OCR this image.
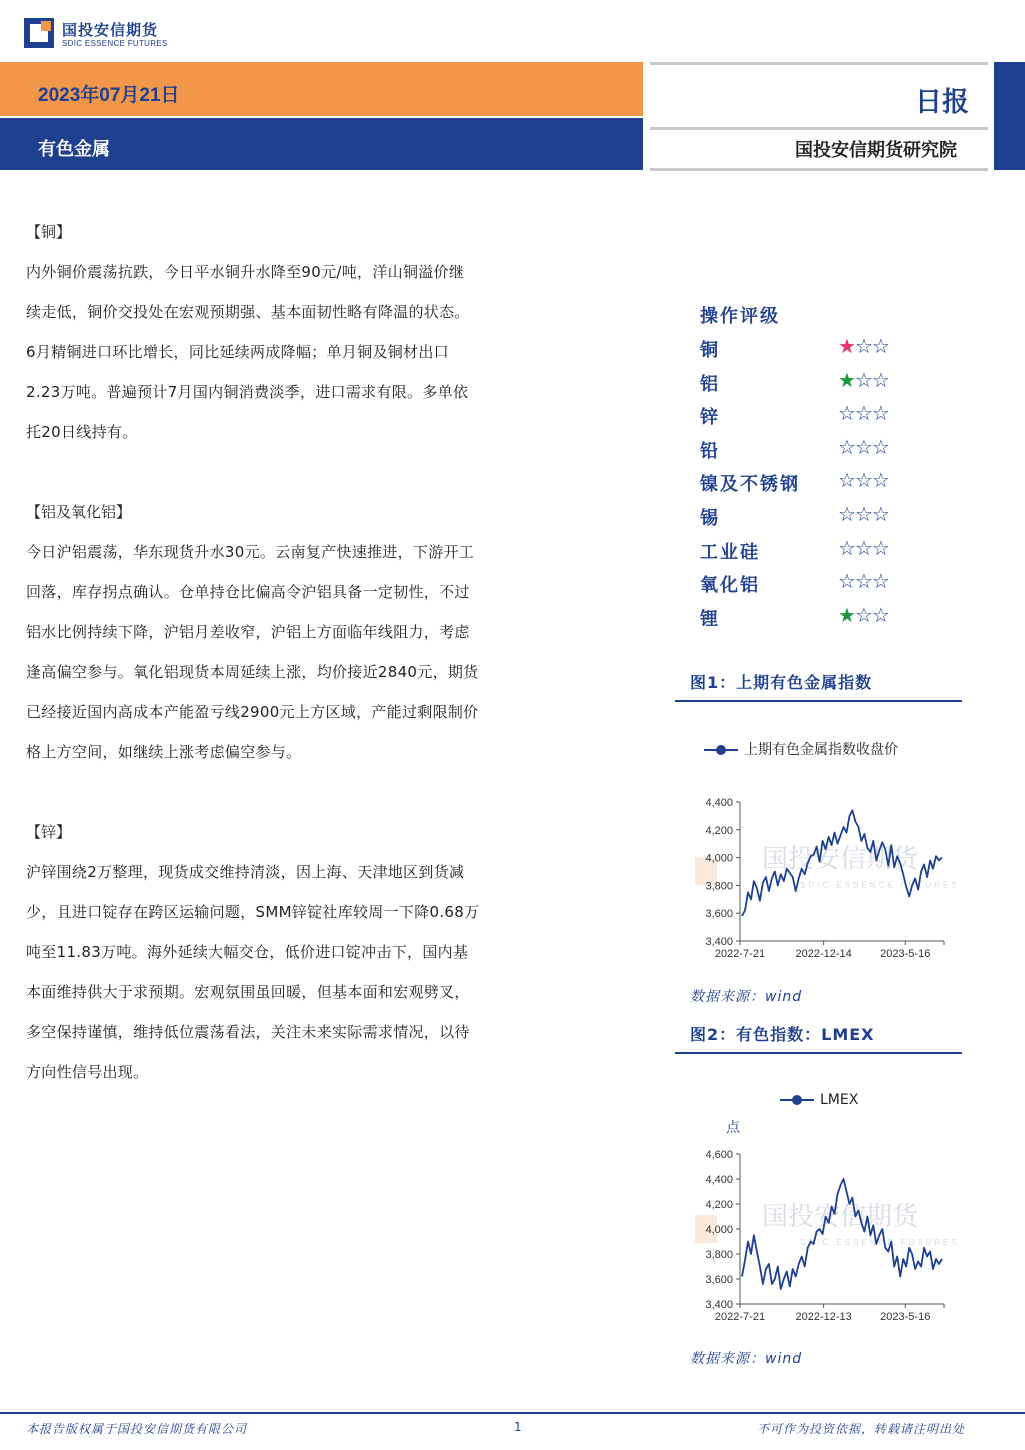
国投安信期货
SDIC ESSENCE FUTURES
2023年07月21日
有色金属
日报
国投安信期货研究院

【铜】

内外铜价震荡抗跌，今日平水铜升水降至90元/吨，洋山铜溢价继

续走低，铜价交投处在宏观预期强、基本面韧性略有降温的状态。

6月精铜进口环比增长，同比延续两成降幅；单月铜及铜材出口

2.23万吨。普遍预计7月国内铜消费淡季，进口需求有限。多单依

托20日线持有。

【铝及氧化铝】

今日沪铝震荡，华东现货升水30元。云南复产快速推进，下游开工

回落，库存拐点确认。仓单持仓比偏高令沪铝具备一定韧性，不过

铝水比例持续下降，沪铝月差收窄，沪铝上方面临年线阻力，考虑

逢高偏空参与。氧化铝现货本周延续上涨，均价接近2840元，期货

已经接近国内高成本产能盈亏线2900元上方区域，产能过剩限制价

格上方空间，如继续上涨考虑偏空参与。

【锌】

沪锌围绕2万整理，现货成交维持清淡，因上海、天津地区到货减

少，且进口锭存在跨区运输问题，SMM锌锭社库较周一下降0.68万

吨至11.83万吨。海外延续大幅交仓，低价进口锭冲击下，国内基

本面维持供大于求预期。宏观氛围虽回暖，但基本面和宏观劈叉，

多空保持谨慎，维持低位震荡看法，关注未来实际需求情况，以待

方向性信号出现。

操作评级
铜	★☆☆
铝	★☆☆
锌	☆☆☆
铅	☆☆☆
镍及不锈钢 ☆☆☆
锡	☆☆☆
工业硅	☆☆☆
氧化铝	☆☆☆
锂	★☆☆
图1：上期有色金属指数
上期有色金属指数收盘价
国投安信期货
SDIC ESSENCE FUTURES
3,400
3,600
3,800
4,000
4,200
4,400
2022-7-21	2022-12-14	2023-5-16
数据来源：wind
图2：有色指数：LMEX
LMEX
点
国投安信期货
SDIC ESSENCE FUTURES
3,400
3,600
3,800
4,000
4,200
4,400
4,600
2022-7-21	2022-12-13	2023-5-16
数据来源：wind
本报告版权属于国投安信期货有限公司	1	不可作为投资依据，转载请注明出处
